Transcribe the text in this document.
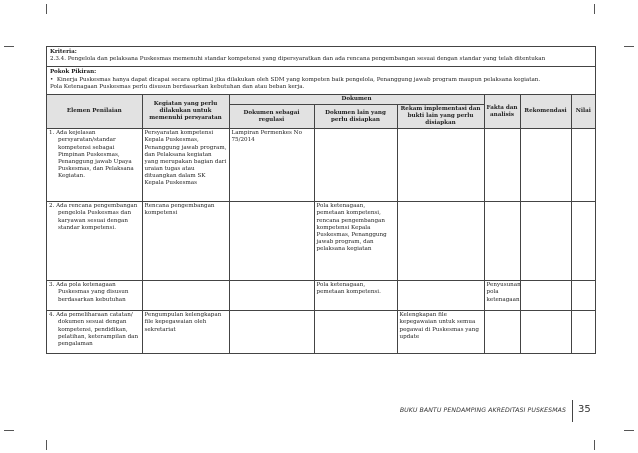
Kriteria:
2.3.4. Pengelola dan pelaksana Puskesmas memenuhi standar kompetensi yang dipersyaratkan dan ada rencana pengembangan sesuai dengan standar yang telah ditentukan
Pokok Pikiran:
• Kinerja Puskesmas hanya dapat dicapai secara optimal jika dilakukan oleh SDM yang kompeten baik pengelola, Penanggung jawab program maupun pelaksana kegiatan.
Pola Ketenagaan Puskesmas perlu disusun berdasarkan kebutuhan dan atau beban kerja.
Elemen Penilaian	Kegiatan yang perlu dilakukan untuk memenuhi persyaratan	Dokumen			Fakta dan analisis	Rekomendasi	Nilai
		Dokumen sebagai regulasi	Dokumen lain yang perlu disiapkan	Rekam implementasi dan bukti lain yang perlu disiapkan			
1. Ada kejelasan persyaratan/standar kompetensi sebagai Pimpinan Puskesmas, Penanggung jawab Upaya Puskesmas, dan Pelaksana Kegiatan.	Persyaratan kompetensi Kepala Puskesmas, Penanggung jawab program, dan Pelaksana kegiatan yang merupakan bagian dari uraian tugas atau dituangkan dalam SK Kepala Puskesmas	Lampiran Permenkes No 75/2014					
2. Ada rencana pengembangan pengelola Puskesmas dan karyawan sesuai dengan standar kompetensi.	Rencana pengembangan kompetensi		Pola ketenagaan, pemetaan kompetensi, rencana pengembangan kompetensi Kepala Puskesmas, Penanggung jawab program, dan pelaksana kegiatan				
3. Ada pola ketenagaan Puskesmas yang disusun berdasarkan kebutuhan			Pola ketenagaan, pemetaan kompetensi.		Penyusunan pola ketenagaan		
4. Ada pemeliharaan catatan/ dokumen sesuai dengan kompetensi, pendidikan, pelatihan, keterampilan dan pengalaman	Pengumpulan kelengkapan file kepegawaian oleh sekretariat			Kelengkapan file kepegawaian untuk semua pegawai di Puskesmas yang update			
BUKU BANTU PENDAMPING AKREDITASI PUSKESMAS 35
